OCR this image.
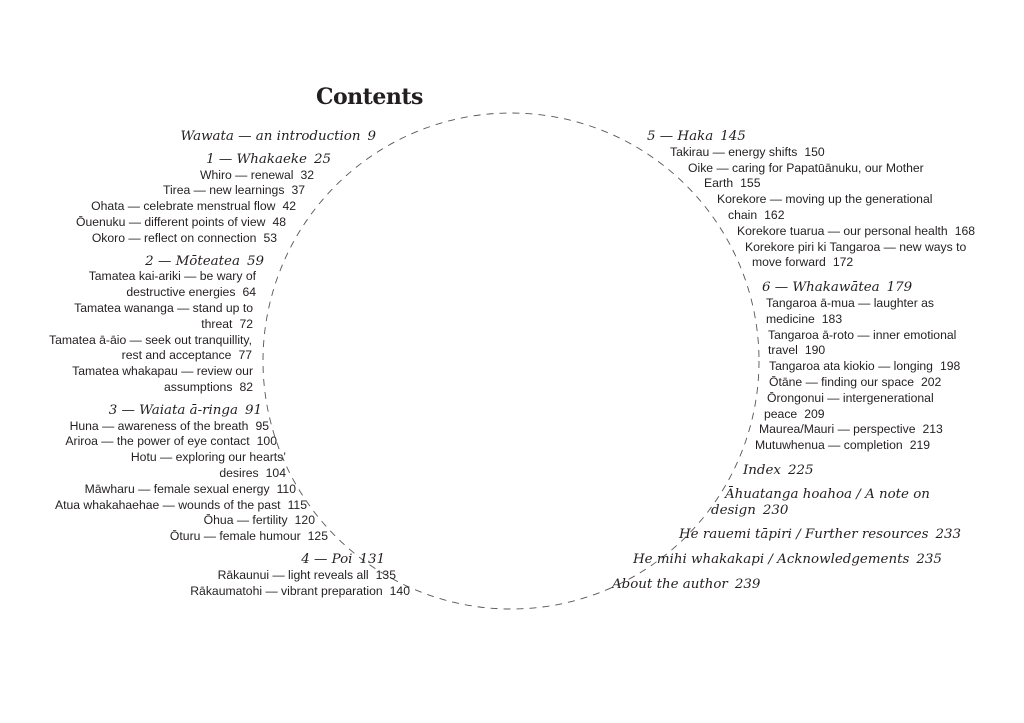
Contents
Wawata — an introduction 9
1 — Whakaeke 25
Whiro — renewal 32
Tirea — new learnings 37
Ohata — celebrate menstrual flow 42
Ōuenuku — different points of view 48
Okoro — reflect on connection 53
2 — Mōteatea 59
Tamatea kai-ariki — be wary of
destructive energies 64
Tamatea wananga — stand up to
threat 72
Tamatea ā-āio — seek out tranquillity,
rest and acceptance 77
Tamatea whakapau — review our
assumptions 82
3 — Waiata ā-ringa 91
Huna — awareness of the breath 95
Ariroa — the power of eye contact 100
Hotu — exploring our hearts’
desires 104
Māwharu — female sexual energy 110
Atua whakahaehae — wounds of the past 115
Ōhua — fertility 120
Ōturu — female humour 125
4 — Poi 131
Rākaunui — light reveals all 135
Rākaumatohi — vibrant preparation 140
5 — Haka 145
Takirau — energy shifts 150
Oike — caring for Papatūānuku, our Mother
Earth 155
Korekore — moving up the generational
chain 162
Korekore tuarua — our personal health 168
Korekore piri ki Tangaroa — new ways to
move forward 172
6 — Whakawātea 179
Tangaroa ā-mua — laughter as
medicine 183
Tangaroa ā-roto — inner emotional
travel 190
Tangaroa ata kiokio — longing 198
Ōtāne — finding our space 202
Ōrongonui — intergenerational
peace 209
Maurea/Mauri — perspective 213
Mutuwhenua — completion 219
Index 225
Āhuatanga hoahoa / A note on
design 230
He rauemi tāpiri / Further resources 233
He mihi whakakapi / Acknowledgements 235
About the author 239
